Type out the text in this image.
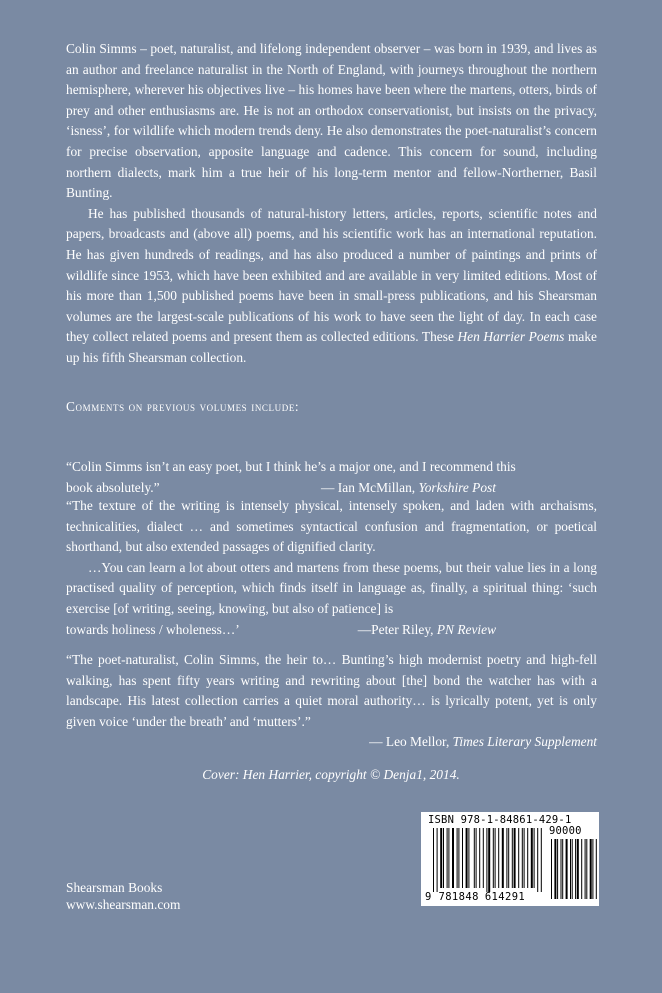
Colin Simms – poet, naturalist, and lifelong independent observer – was born in 1939, and lives as an author and freelance naturalist in the North of England, with journeys throughout the northern hemisphere, wherever his objectives live – his homes have been where the martens, otters, birds of prey and other enthusiasms are. He is not an orthodox conservationist, but insists on the privacy, ‘isness’, for wildlife which modern trends deny. He also demonstrates the poet-naturalist’s concern for precise observation, apposite language and cadence. This concern for sound, including northern dialects, mark him a true heir of his long-term mentor and fellow-Northerner, Basil Bunting.

He has published thousands of natural-history letters, articles, reports, scientific notes and papers, broadcasts and (above all) poems, and his scientific work has an international reputation. He has given hundreds of readings, and has also produced a number of paintings and prints of wildlife since 1953, which have been exhibited and are available in very limited editions. Most of his more than 1,500 published poems have been in small-press publications, and his Shearsman volumes are the largest-scale publications of his work to have seen the light of day. In each case they collect related poems and present them as collected editions. These Hen Harrier Poems make up his fifth Shearsman collection.

Comments on previous volumes include:

“Colin Simms isn’t an easy poet, but I think he’s a major one, and I recommend this

book absolutely.”	— Ian McMillan, Yorkshire Post

“The texture of the writing is intensely physical, intensely spoken, and laden with archaisms, technicalities, dialect … and sometimes syntactical confusion and fragmentation, or poetical shorthand, but also extended passages of dignified clarity.

…You can learn a lot about otters and martens from these poems, but their value lies in a long practised quality of perception, which finds itself in language as, finally, a spiritual thing: ‘such exercise [of writing, seeing, knowing, but also of patience] is

towards holiness / wholeness…’	—Peter Riley, PN Review

“The poet-naturalist, Colin Simms, the heir to… Bunting’s high modernist poetry and high-fell walking, has spent fifty years writing and rewriting about [the] bond the watcher has with a landscape. His latest collection carries a quiet moral authority… is lyrically potent, yet is only given voice ‘under the breath’ and ‘mutters’.”

— Leo Mellor, Times Literary Supplement
Cover: Hen Harrier, copyright © Denja1, 2014.
Shearsman Books
www.shearsman.com
ISBN 978-1-84861-429-1
90000
9 781848 614291
